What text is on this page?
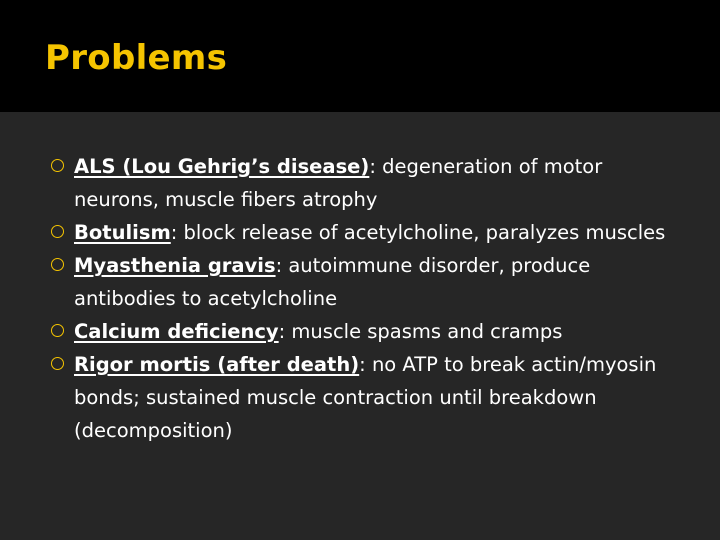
Problems
ALS (Lou Gehrig’s disease): degeneration of motor neurons, muscle fibers atrophy
Botulism: block release of acetylcholine, paralyzes muscles
Myasthenia gravis: autoimmune disorder, produce antibodies to acetylcholine
Calcium deficiency: muscle spasms and cramps
Rigor mortis (after death): no ATP to break actin/myosin bonds; sustained muscle contraction until breakdown (decomposition)
